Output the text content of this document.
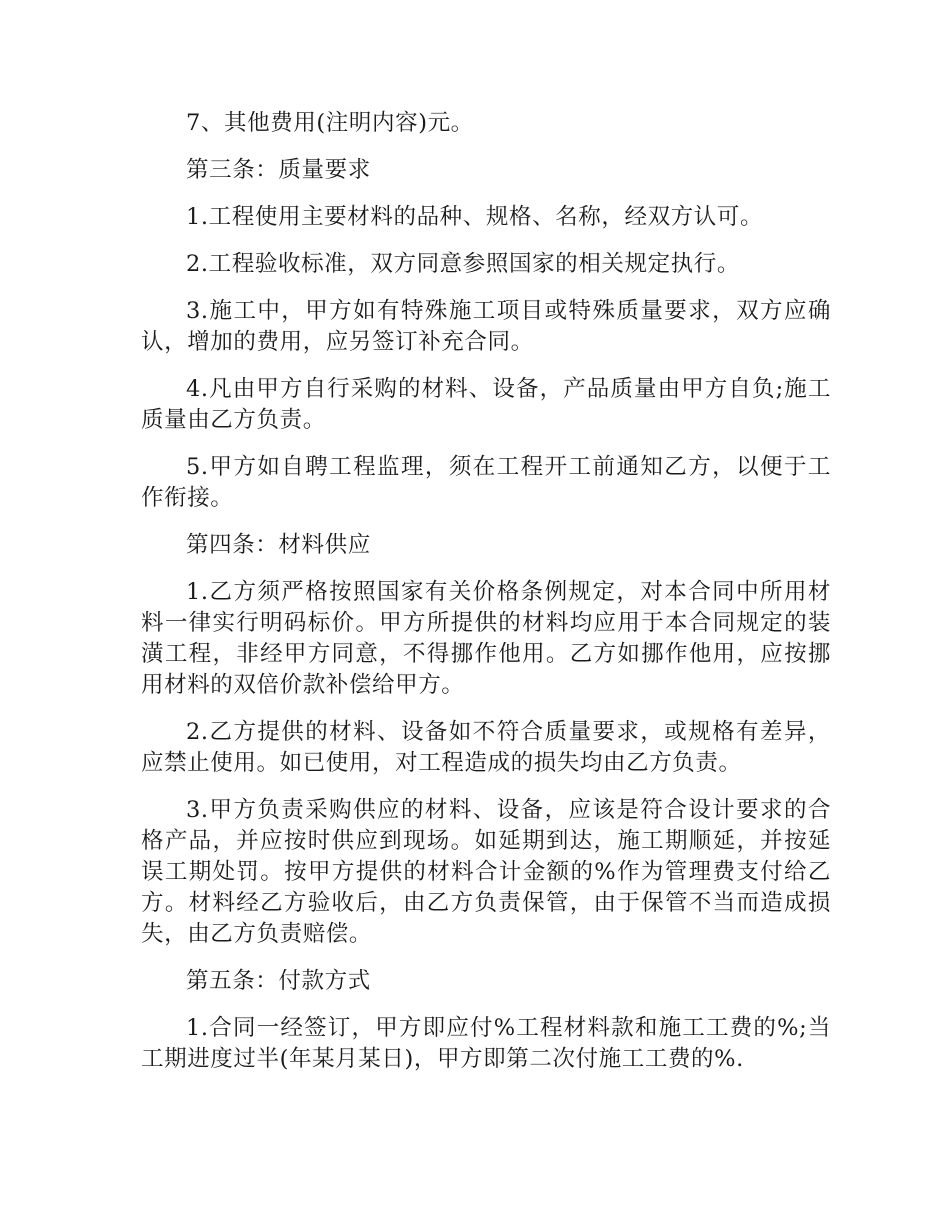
7、其他费用(注明内容)元。

第三条：质量要求

1.工程使用主要材料的品种、规格、名称，经双方认可。

2.工程验收标准，双方同意参照国家的相关规定执行。

3.施工中，甲方如有特殊施工项目或特殊质量要求，双方应确认，增加的费用，应另签订补充合同。

4.凡由甲方自行采购的材料、设备，产品质量由甲方自负;施工质量由乙方负责。

5.甲方如自聘工程监理，须在工程开工前通知乙方，以便于工作衔接。

第四条：材料供应

1.乙方须严格按照国家有关价格条例规定，对本合同中所用材料一律实行明码标价。甲方所提供的材料均应用于本合同规定的装潢工程，非经甲方同意，不得挪作他用。乙方如挪作他用，应按挪用材料的双倍价款补偿给甲方。

2.乙方提供的材料、设备如不符合质量要求，或规格有差异，应禁止使用。如已使用，对工程造成的损失均由乙方负责。

3.甲方负责采购供应的材料、设备，应该是符合设计要求的合格产品，并应按时供应到现场。如延期到达，施工期顺延，并按延误工期处罚。按甲方提供的材料合计金额的%作为管理费支付给乙方。材料经乙方验收后，由乙方负责保管，由于保管不当而造成损失，由乙方负责赔偿。

第五条：付款方式

1.合同一经签订，甲方即应付%工程材料款和施工工费的%;当工期进度过半(年某月某日)，甲方即第二次付施工工费的%.
